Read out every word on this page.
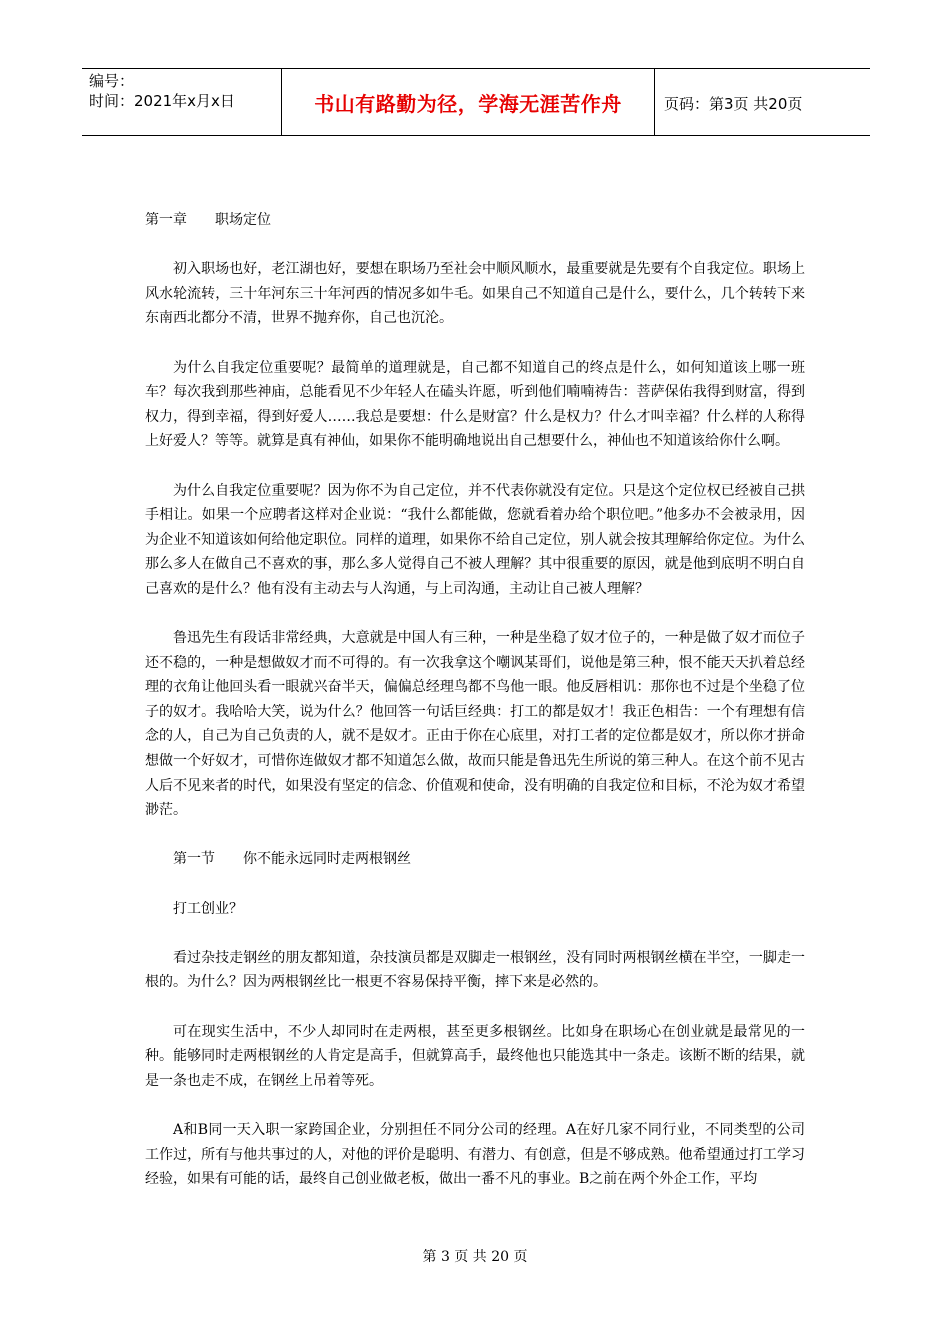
编号：
时间：2021年x月x日	书山有路勤为径，学海无涯苦作舟	页码：第3页 共20页

第一章 职场定位

初入职场也好，老江湖也好，要想在职场乃至社会中顺风顺水，最重要就是先要有个自我定位。职场上风水轮流转，三十年河东三十年河西的情况多如牛毛。如果自己不知道自己是什么，要什么，几个转转下来东南西北都分不清，世界不抛弃你，自己也沉沦。

为什么自我定位重要呢？最简单的道理就是，自己都不知道自己的终点是什么，如何知道该上哪一班车？每次我到那些神庙，总能看见不少年轻人在磕头许愿，听到他们喃喃祷告：菩萨保佑我得到财富，得到权力，得到幸福，得到好爱人……我总是要想：什么是财富？什么是权力？什么才叫幸福？什么样的人称得上好爱人？等等。就算是真有神仙，如果你不能明确地说出自己想要什么，神仙也不知道该给你什么啊。

为什么自我定位重要呢？因为你不为自己定位，并不代表你就没有定位。只是这个定位权已经被自己拱手相让。如果一个应聘者这样对企业说：“我什么都能做，您就看着办给个职位吧。”他多办不会被录用，因为企业不知道该如何给他定职位。同样的道理，如果你不给自己定位，别人就会按其理解给你定位。为什么那么多人在做自己不喜欢的事，那么多人觉得自己不被人理解？其中很重要的原因，就是他到底明不明白自己喜欢的是什么？他有没有主动去与人沟通，与上司沟通，主动让自己被人理解？

鲁迅先生有段话非常经典，大意就是中国人有三种，一种是坐稳了奴才位子的，一种是做了奴才而位子还不稳的，一种是想做奴才而不可得的。有一次我拿这个嘲讽某哥们，说他是第三种，恨不能天天扒着总经理的衣角让他回头看一眼就兴奋半天，偏偏总经理鸟都不鸟他一眼。他反唇相讥：那你也不过是个坐稳了位子的奴才。我哈哈大笑，说为什么？他回答一句话巨经典：打工的都是奴才！我正色相告：一个有理想有信念的人，自己为自己负责的人，就不是奴才。正由于你在心底里，对打工者的定位都是奴才，所以你才拼命想做一个好奴才，可惜你连做奴才都不知道怎么做，故而只能是鲁迅先生所说的第三种人。在这个前不见古人后不见来者的时代，如果没有坚定的信念、价值观和使命，没有明确的自我定位和目标，不沦为奴才希望渺茫。

第一节 你不能永远同时走两根钢丝

打工创业？

看过杂技走钢丝的朋友都知道，杂技演员都是双脚走一根钢丝，没有同时两根钢丝横在半空，一脚走一根的。为什么？因为两根钢丝比一根更不容易保持平衡，摔下来是必然的。

可在现实生活中，不少人却同时在走两根，甚至更多根钢丝。比如身在职场心在创业就是最常见的一种。能够同时走两根钢丝的人肯定是高手，但就算高手，最终他也只能选其中一条走。该断不断的结果，就是一条也走不成，在钢丝上吊着等死。

A和B同一天入职一家跨国企业，分别担任不同分公司的经理。A在好几家不同行业，不同类型的公司工作过，所有与他共事过的人，对他的评价是聪明、有潜力、有创意，但是不够成熟。他希望通过打工学习经验，如果有可能的话，最终自己创业做老板，做出一番不凡的事业。B之前在两个外企工作，平均

第 3 页 共 20 页
